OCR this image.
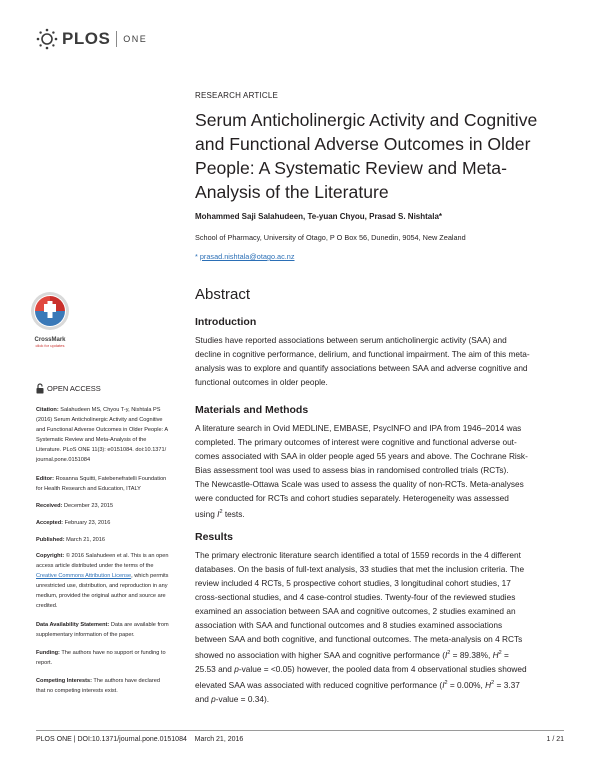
PLOS ONE
RESEARCH ARTICLE
Serum Anticholinergic Activity and Cognitive
and Functional Adverse Outcomes in Older
People: A Systematic Review and Meta-
Analysis of the Literature
Mohammed Saji Salahudeen, Te-yuan Chyou, Prasad S. Nishtala*
School of Pharmacy, University of Otago, P O Box 56, Dunedin, 9054, New Zealand
* prasad.nishtala@otago.ac.nz
Abstract
Introduction
Studies have reported associations between serum anticholinergic activity (SAA) and
decline in cognitive performance, delirium, and functional impairment. The aim of this meta-
analysis was to explore and quantify associations between SAA and adverse cognitive and
functional outcomes in older people.
Materials and Methods
A literature search in Ovid MEDLINE, EMBASE, PsycINFO and IPA from 1946–2014 was
completed. The primary outcomes of interest were cognitive and functional adverse out-
comes associated with SAA in older people aged 55 years and above. The Cochrane Risk-
Bias assessment tool was used to assess bias in randomised controlled trials (RCTs).
The Newcastle-Ottawa Scale was used to assess the quality of non-RCTs. Meta-analyses
were conducted for RCTs and cohort studies separately. Heterogeneity was assessed
using $I^2$ tests.
Results
The primary electronic literature search identified a total of 1559 records in the 4 different
databases. On the basis of full-text analysis, 33 studies that met the inclusion criteria. The
review included 4 RCTs, 5 prospective cohort studies, 3 longitudinal cohort studies, 17
cross-sectional studies, and 4 case-control studies. Twenty-four of the reviewed studies
examined an association between SAA and cognitive outcomes, 2 studies examined an
association with SAA and functional outcomes and 8 studies examined associations
between SAA and both cognitive, and functional outcomes. The meta-analysis on 4 RCTs
showed no association with higher SAA and cognitive performance ($I^2 = 89.38\%$, $H^2$ =
25.53 and p-value = <0.05) however, the pooled data from 4 observational studies showed
elevated SAA was associated with reduced cognitive performance ($I^2 = 0.00\%$, $H^2 = 3.37$
and p-value = 0.34).
CrossMark
click for updates
OPEN ACCESS
Citation: Salahudeen MS, Chyou T-y, Nishtala PS
(2016) Serum Anticholinergic Activity and Cognitive
and Functional Adverse Outcomes in Older People: A
Systematic Review and Meta-Analysis of the
Literature. PLoS ONE 11(3): e0151084. doi:10.1371/
journal.pone.0151084
Editor: Rosanna Squitti, Fatebenefratelli Foundation
for Health Research and Education, ITALY
Received: December 23, 2015
Accepted: February 23, 2016
Published: March 21, 2016
Copyright: © 2016 Salahudeen et al. This is an open
access article distributed under the terms of the
Creative Commons Attribution License, which permits
unrestricted use, distribution, and reproduction in any
medium, provided the original author and source are
credited.
Data Availability Statement: Data are available from
supplementary information of the paper.
Funding: The authors have no support or funding to
report.
Competing Interests: The authors have declared
that no competing interests exist.
PLOS ONE | DOI:10.1371/journal.pone.0151084    March 21, 2016	1 / 21
